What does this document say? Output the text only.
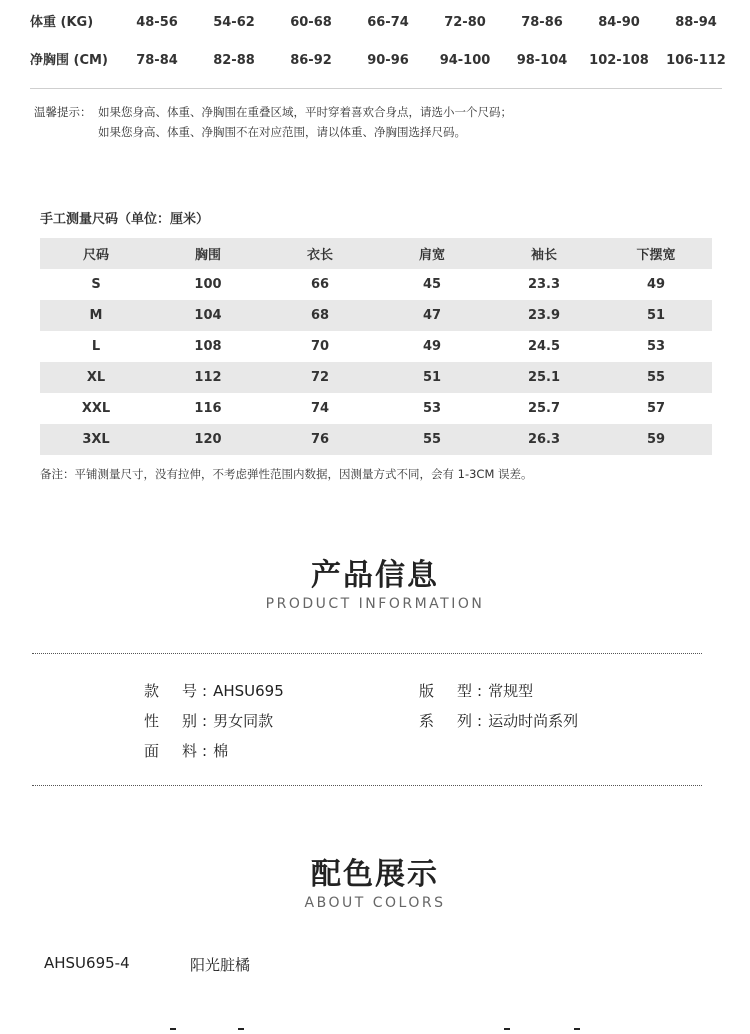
体重 (KG)	48-56	54-62	60-68	66-74	72-80	78-86	84-90	88-94
净胸围 (CM)	78-84	82-88	86-92	90-96	94-100	98-104	102-108	106-112
温馨提示： 如果您身高、体重、净胸围在重叠区域，平时穿着喜欢合身点，请选小一个尺码；
如果您身高、体重、净胸围不在对应范围，请以体重、净胸围选择尺码。
手工测量尺码（单位：厘米）
尺码	胸围	衣长	肩宽	袖长	下摆宽
S	100	66	45	23.3	49
M	104	68	47	23.9	51
L	108	70	49	24.5	53
XL	112	72	51	25.1	55
XXL	116	74	53	25.7	57
3XL	120	76	55	26.3	59
备注：平铺测量尺寸，没有拉伸，不考虑弹性范围内数据，因测量方式不同，会有 1-3CM 误差。
产品信息
PRODUCT INFORMATION
款 号 : AHSU695	版 型 : 常规型
性 别 : 男女同款	系 列 : 运动时尚系列
面 料 : 棉
配色展示
ABOUT COLORS
AHSU695-4	阳光脏橘
